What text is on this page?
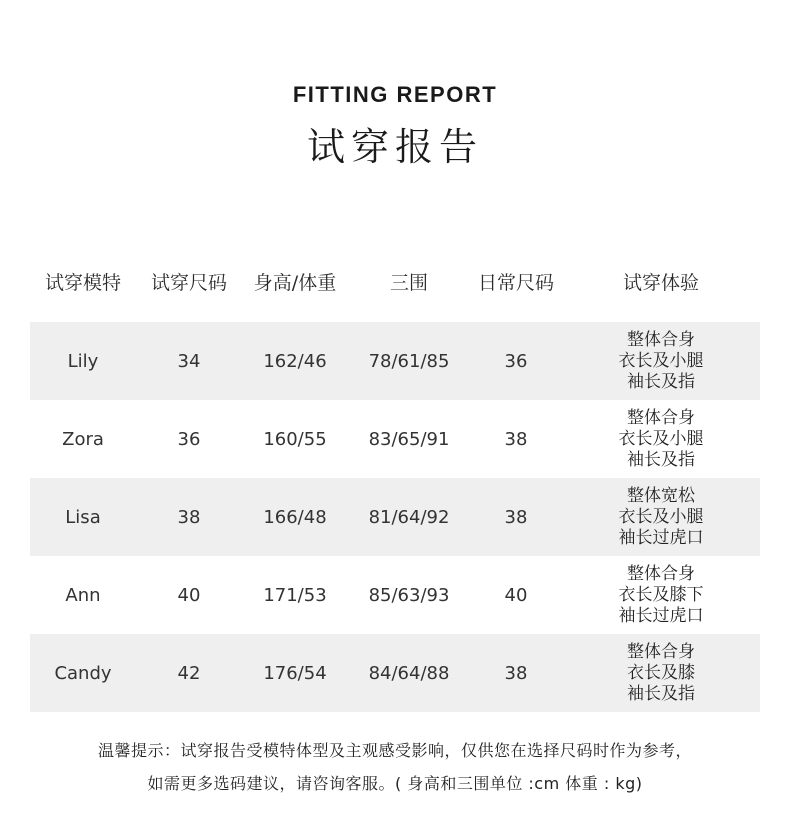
FITTING REPORT
试穿报告
试穿模特	试穿尺码	身高/体重	三围	日常尺码	试穿体验
Lily	34	162/46	78/61/85	36
整体合身
衣长及小腿
袖长及指
Zora	36	160/55	83/65/91	38
整体合身
衣长及小腿
袖长及指
Lisa	38	166/48	81/64/92	38
整体宽松
衣长及小腿
袖长过虎口
Ann	40	171/53	85/63/93	40
整体合身
衣长及膝下
袖长过虎口
Candy	42	176/54	84/64/88	38
整体合身
衣长及膝
袖长及指
温馨提示：试穿报告受模特体型及主观感受影响，仅供您在选择尺码时作为参考，
如需更多选码建议，请咨询客服。( 身高和三围单位 :cm 体重 : kg)
